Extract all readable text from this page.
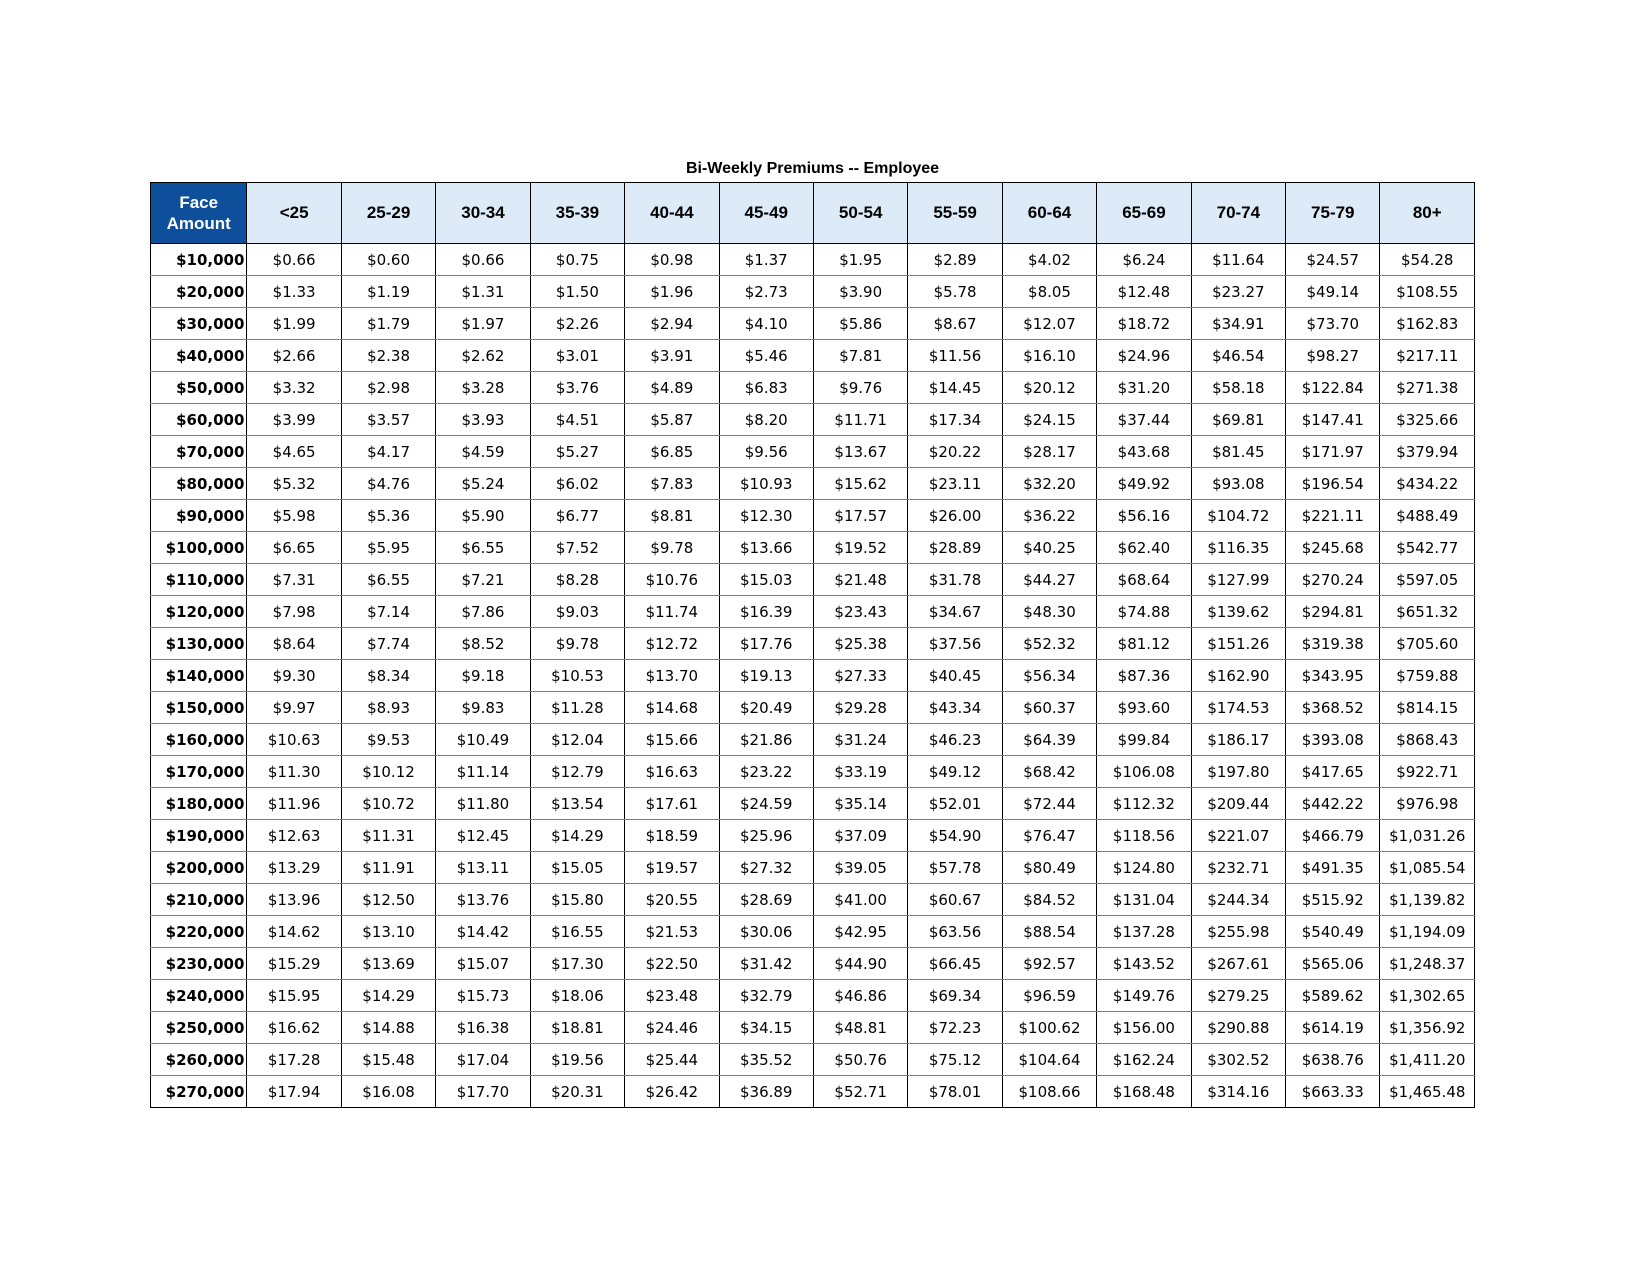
Bi-Weekly Premiums -- Employee
Face
Amount	<25	25-29	30-34	35-39	40-44	45-49	50-54	55-59	60-64	65-69	70-74	75-79	80+
$10,000	$0.66	$0.60	$0.66	$0.75	$0.98	$1.37	$1.95	$2.89	$4.02	$6.24	$11.64	$24.57	$54.28
$20,000	$1.33	$1.19	$1.31	$1.50	$1.96	$2.73	$3.90	$5.78	$8.05	$12.48	$23.27	$49.14	$108.55
$30,000	$1.99	$1.79	$1.97	$2.26	$2.94	$4.10	$5.86	$8.67	$12.07	$18.72	$34.91	$73.70	$162.83
$40,000	$2.66	$2.38	$2.62	$3.01	$3.91	$5.46	$7.81	$11.56	$16.10	$24.96	$46.54	$98.27	$217.11
$50,000	$3.32	$2.98	$3.28	$3.76	$4.89	$6.83	$9.76	$14.45	$20.12	$31.20	$58.18	$122.84	$271.38
$60,000	$3.99	$3.57	$3.93	$4.51	$5.87	$8.20	$11.71	$17.34	$24.15	$37.44	$69.81	$147.41	$325.66
$70,000	$4.65	$4.17	$4.59	$5.27	$6.85	$9.56	$13.67	$20.22	$28.17	$43.68	$81.45	$171.97	$379.94
$80,000	$5.32	$4.76	$5.24	$6.02	$7.83	$10.93	$15.62	$23.11	$32.20	$49.92	$93.08	$196.54	$434.22
$90,000	$5.98	$5.36	$5.90	$6.77	$8.81	$12.30	$17.57	$26.00	$36.22	$56.16	$104.72	$221.11	$488.49
$100,000	$6.65	$5.95	$6.55	$7.52	$9.78	$13.66	$19.52	$28.89	$40.25	$62.40	$116.35	$245.68	$542.77
$110,000	$7.31	$6.55	$7.21	$8.28	$10.76	$15.03	$21.48	$31.78	$44.27	$68.64	$127.99	$270.24	$597.05
$120,000	$7.98	$7.14	$7.86	$9.03	$11.74	$16.39	$23.43	$34.67	$48.30	$74.88	$139.62	$294.81	$651.32
$130,000	$8.64	$7.74	$8.52	$9.78	$12.72	$17.76	$25.38	$37.56	$52.32	$81.12	$151.26	$319.38	$705.60
$140,000	$9.30	$8.34	$9.18	$10.53	$13.70	$19.13	$27.33	$40.45	$56.34	$87.36	$162.90	$343.95	$759.88
$150,000	$9.97	$8.93	$9.83	$11.28	$14.68	$20.49	$29.28	$43.34	$60.37	$93.60	$174.53	$368.52	$814.15
$160,000	$10.63	$9.53	$10.49	$12.04	$15.66	$21.86	$31.24	$46.23	$64.39	$99.84	$186.17	$393.08	$868.43
$170,000	$11.30	$10.12	$11.14	$12.79	$16.63	$23.22	$33.19	$49.12	$68.42	$106.08	$197.80	$417.65	$922.71
$180,000	$11.96	$10.72	$11.80	$13.54	$17.61	$24.59	$35.14	$52.01	$72.44	$112.32	$209.44	$442.22	$976.98
$190,000	$12.63	$11.31	$12.45	$14.29	$18.59	$25.96	$37.09	$54.90	$76.47	$118.56	$221.07	$466.79	$1,031.26
$200,000	$13.29	$11.91	$13.11	$15.05	$19.57	$27.32	$39.05	$57.78	$80.49	$124.80	$232.71	$491.35	$1,085.54
$210,000	$13.96	$12.50	$13.76	$15.80	$20.55	$28.69	$41.00	$60.67	$84.52	$131.04	$244.34	$515.92	$1,139.82
$220,000	$14.62	$13.10	$14.42	$16.55	$21.53	$30.06	$42.95	$63.56	$88.54	$137.28	$255.98	$540.49	$1,194.09
$230,000	$15.29	$13.69	$15.07	$17.30	$22.50	$31.42	$44.90	$66.45	$92.57	$143.52	$267.61	$565.06	$1,248.37
$240,000	$15.95	$14.29	$15.73	$18.06	$23.48	$32.79	$46.86	$69.34	$96.59	$149.76	$279.25	$589.62	$1,302.65
$250,000	$16.62	$14.88	$16.38	$18.81	$24.46	$34.15	$48.81	$72.23	$100.62	$156.00	$290.88	$614.19	$1,356.92
$260,000	$17.28	$15.48	$17.04	$19.56	$25.44	$35.52	$50.76	$75.12	$104.64	$162.24	$302.52	$638.76	$1,411.20
$270,000	$17.94	$16.08	$17.70	$20.31	$26.42	$36.89	$52.71	$78.01	$108.66	$168.48	$314.16	$663.33	$1,465.48
